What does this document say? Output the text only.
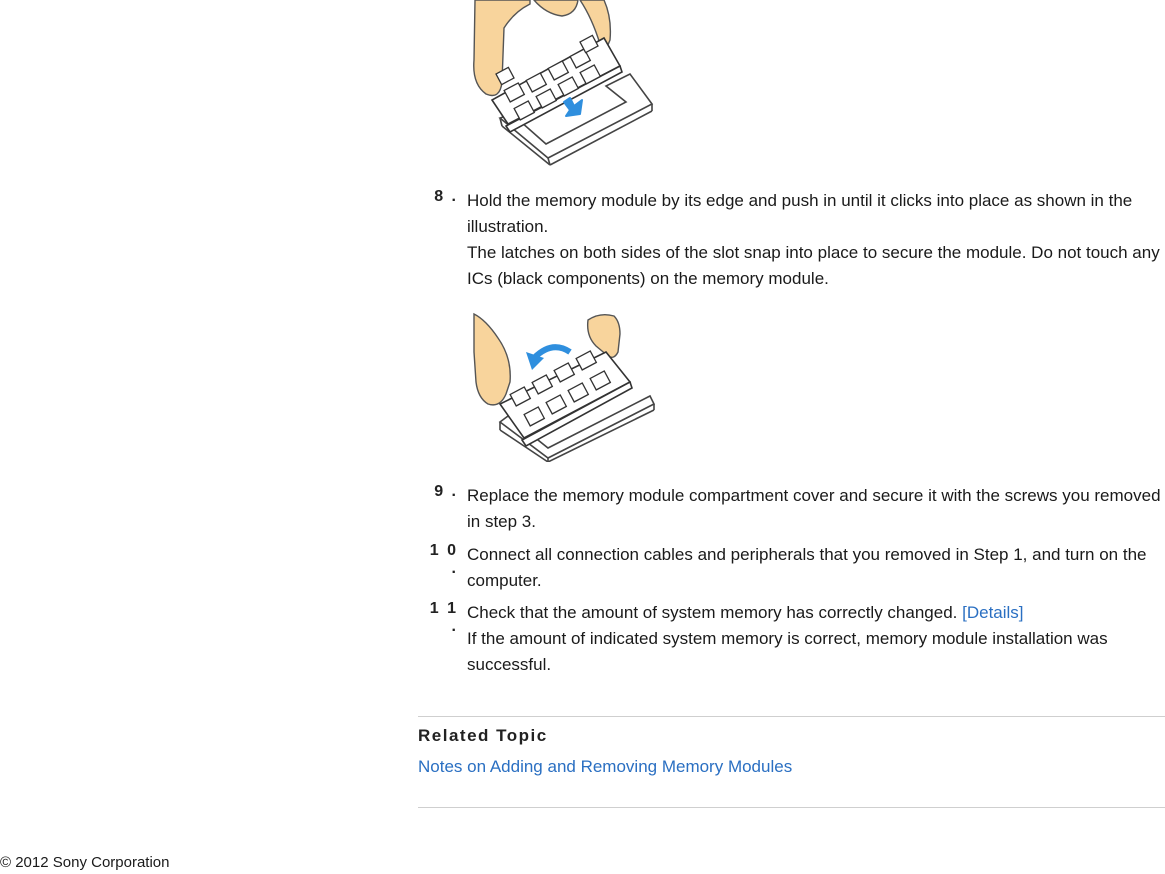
8 . Hold the memory module by its edge and push in until it clicks into place as shown in the illustration.

The latches on both sides of the slot snap into place to secure the module. Do not touch any ICs (black components) on the memory module.

9 . Replace the memory module compartment cover and secure it with the screws you removed in step 3.

1 0 .

Connect all connection cables and peripherals that you removed in Step 1, and turn on the computer.

1 1 .

Check that the amount of system memory has correctly changed. [Details]

If the amount of indicated system memory is correct, memory module installation was successful.

Related Topic
Notes on Adding and Removing Memory Modules
© 2012 Sony Corporation
